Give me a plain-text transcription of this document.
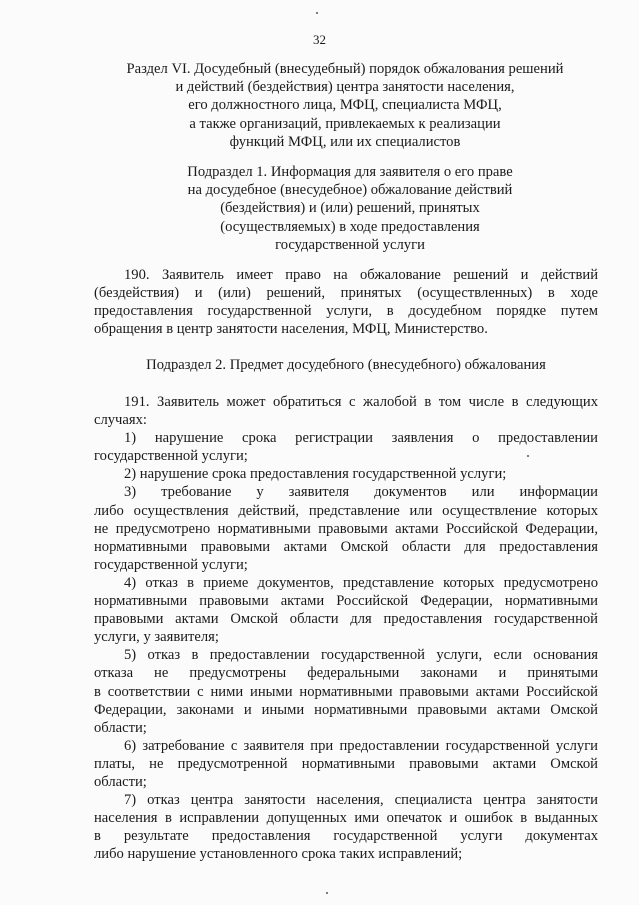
32
Раздел VI. Досудебный (внесудебный) порядок обжалования решений
и действий (бездействия) центра занятости населения,
его должностного лица, МФЦ, специалиста МФЦ,
а также организаций, привлекаемых к реализации
функций МФЦ, или их специалистов
Подраздел 1. Информация для заявителя о его праве
на досудебное (внесудебное) обжалование действий
(бездействия) и (или) решений, принятых
(осуществляемых) в ходе предоставления
государственной услуги
190. Заявитель имеет право на обжалование решений и действий
(бездействия) и (или) решений, принятых (осуществленных) в ходе
предоставления государственной услуги, в досудебном порядке путем
обращения в центр занятости населения, МФЦ, Министерство.
Подраздел 2. Предмет досудебного (внесудебного) обжалования
191. Заявитель может обратиться с жалобой в том числе в следующих
случаях:
1) нарушение срока регистрации заявления о предоставлении
государственной услуги;
2) нарушение срока предоставления государственной услуги;
3) требование у заявителя документов или информации
либо осуществления действий, представление или осуществление которых
не предусмотрено нормативными правовыми актами Российской Федерации,
нормативными правовыми актами Омской области для предоставления
государственной услуги;
4) отказ в приеме документов, представление которых предусмотрено
нормативными правовыми актами Российской Федерации, нормативными
правовыми актами Омской области для предоставления государственной
услуги, у заявителя;
5) отказ в предоставлении государственной услуги, если основания
отказа не предусмотрены федеральными законами и принятыми
в соответствии с ними иными нормативными правовыми актами Российской
Федерации, законами и иными нормативными правовыми актами Омской
области;
6) затребование с заявителя при предоставлении государственной услуги
платы, не предусмотренной нормативными правовыми актами Омской
области;
7) отказ центра занятости населения, специалиста центра занятости
населения в исправлении допущенных ими опечаток и ошибок в выданных
в результате предоставления государственной услуги документах
либо нарушение установленного срока таких исправлений;
